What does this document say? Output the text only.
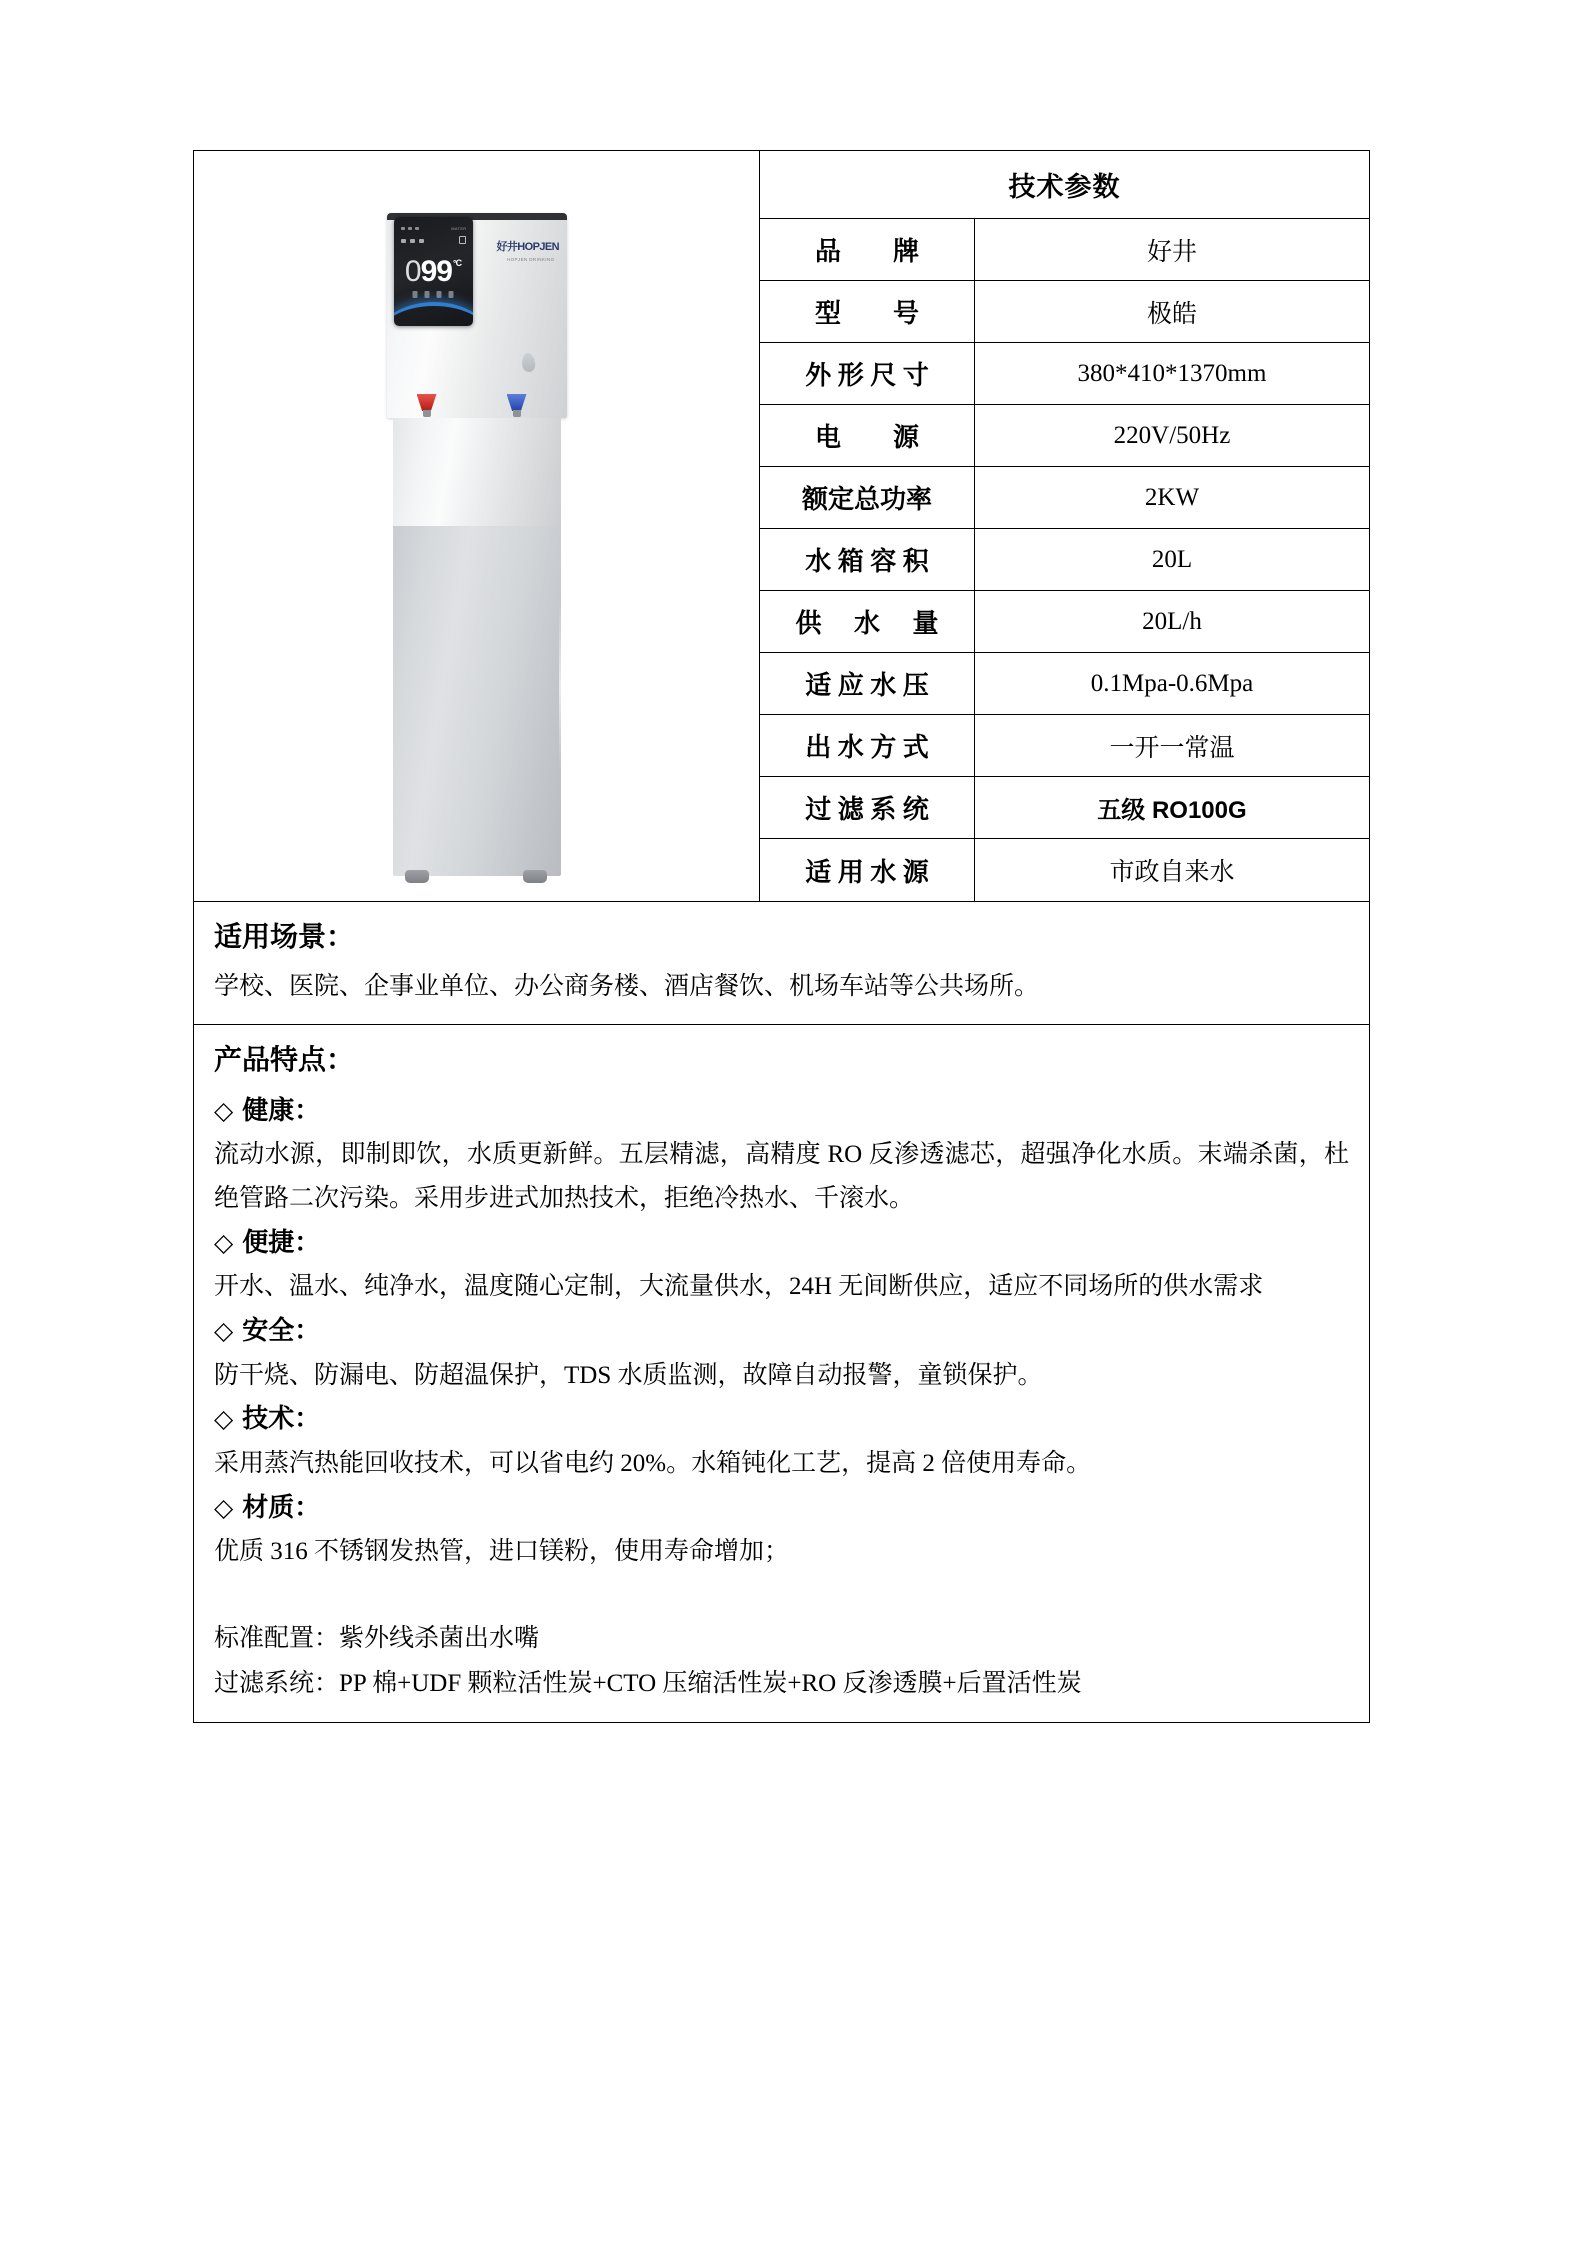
WATER
$099^{^\circ C}$
好井HOPJEN
HOPJEN DRINKING
技术参数
品　　牌	好井
型　　号	极皓
外 形 尺 寸	380*410*1370mm
电　　源	220V/50Hz
额定总功率	2KW
水 箱 容 积	20L
供 　水　 量	20L/h
适 应 水 压	0.1Mpa-0.6Mpa
出 水 方 式	一开一常温
过 滤 系 统	五级 RO100G
适 用 水 源	市政自来水
适用场景：
学校、医院、企事业单位、办公商务楼、酒店餐饮、机场车站等公共场所。
产品特点：
◇ 健康：
流动水源，即制即饮，水质更新鲜。五层精滤，高精度 RO 反渗透滤芯，超强净化水质。末端杀菌，杜绝管路二次污染。采用步进式加热技术，拒绝冷热水、千滚水。
◇ 便捷：
开水、温水、纯净水，温度随心定制，大流量供水，24H 无间断供应，适应不同场所的供水需求
◇ 安全：
防干烧、防漏电、防超温保护，TDS 水质监测，故障自动报警，童锁保护。
◇ 技术：
采用蒸汽热能回收技术，可以省电约 20%。水箱钝化工艺，提高 2 倍使用寿命。
◇ 材质：
优质 316 不锈钢发热管，进口镁粉，使用寿命增加；
标准配置：紫外线杀菌出水嘴
过滤系统：PP 棉+UDF 颗粒活性炭+CTO 压缩活性炭+RO 反渗透膜+后置活性炭
